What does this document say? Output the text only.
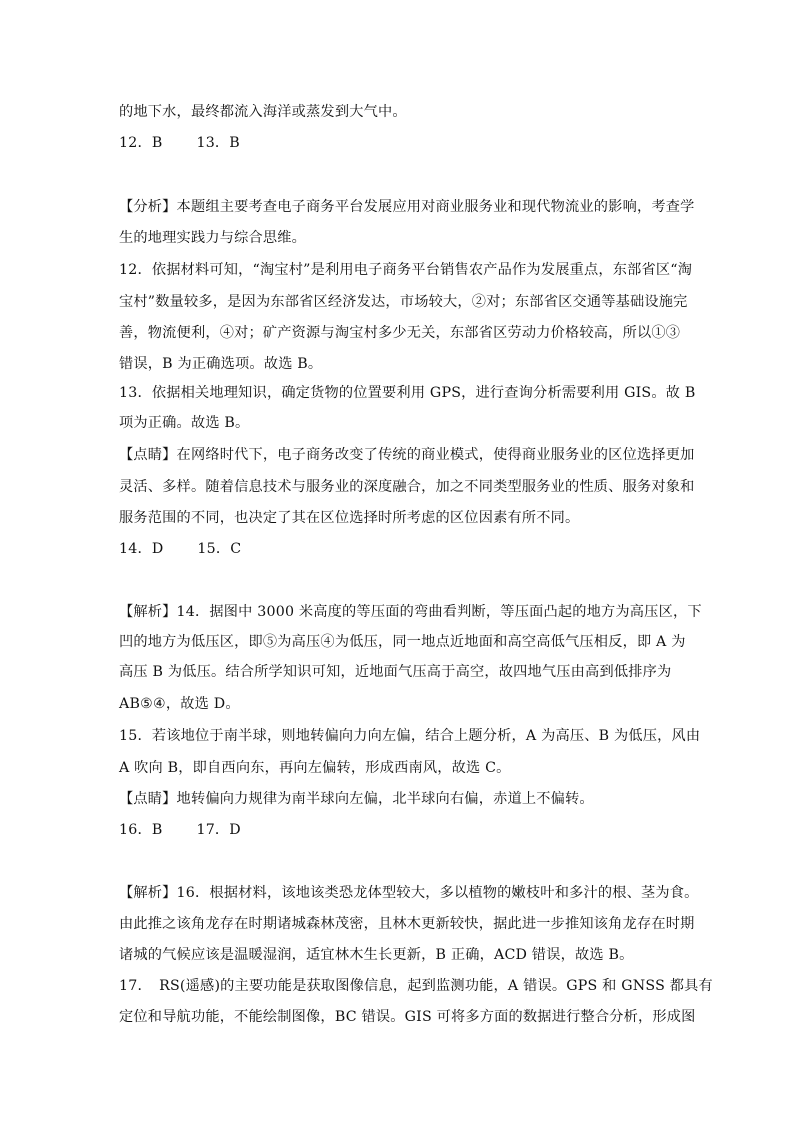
的地下水，最终都流入海洋或蒸发到大气中。
12．B 13．B
【分析】本题组主要考查电子商务平台发展应用对商业服务业和现代物流业的影响，考查学
生的地理实践力与综合思维。
12．依据材料可知，“淘宝村”是利用电子商务平台销售农产品作为发展重点，东部省区“淘
宝村”数量较多，是因为东部省区经济发达，市场较大，②对；东部省区交通等基础设施完
善，物流便利，④对；矿产资源与淘宝村多少无关，东部省区劳动力价格较高，所以①③
错误，B 为正确选项。故选 B。
13．依据相关地理知识，确定货物的位置要利用 GPS，进行查询分析需要利用 GIS。故 B
项为正确。故选 B。
【点睛】在网络时代下，电子商务改变了传统的商业模式，使得商业服务业的区位选择更加
灵活、多样。随着信息技术与服务业的深度融合，加之不同类型服务业的性质、服务对象和
服务范围的不同，也决定了其在区位选择时所考虑的区位因素有所不同。
14．D 15．C
【解析】14．据图中 3000 米高度的等压面的弯曲看判断，等压面凸起的地方为高压区，下
凹的地方为低压区，即⑤为高压④为低压，同一地点近地面和高空高低气压相反，即 A 为
高压 B 为低压。结合所学知识可知，近地面气压高于高空，故四地气压由高到低排序为
AB⑤④，故选 D。
15．若该地位于南半球，则地转偏向力向左偏，结合上题分析，A 为高压、B 为低压，风由
A 吹向 B，即自西向东，再向左偏转，形成西南风，故选 C。
【点睛】地转偏向力规律为南半球向左偏，北半球向右偏，赤道上不偏转。
16．B 17．D
【解析】16．根据材料，该地该类恐龙体型较大，多以植物的嫩枝叶和多汁的根、茎为食。
由此推之该角龙存在时期诸城森林茂密，且林木更新较快，据此进一步推知该角龙存在时期
诸城的气候应该是温暖湿润，适宜林木生长更新，B 正确，ACD 错误，故选 B。
17．　RS(遥感)的主要功能是获取图像信息，起到监测功能，A 错误。GPS 和 GNSS 都具有
定位和导航功能，不能绘制图像，BC 错误。GIS 可将多方面的数据进行整合分析，形成图
